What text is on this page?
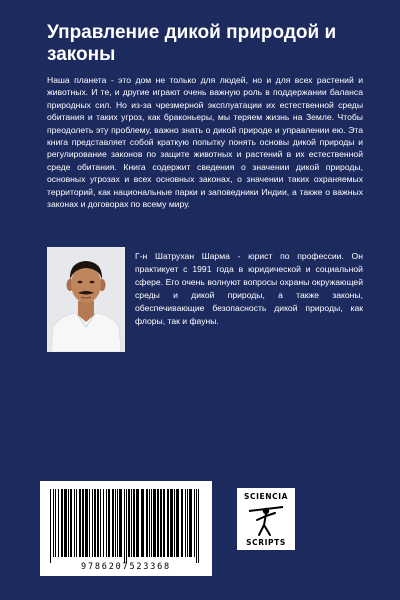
Управление дикой природой и законы

Наша планета - это дом не только для людей, но и для всех растений и животных. И те, и другие играют очень важную роль в поддержании баланса природных сил. Но из-за чрезмерной эксплуатации их естественной среды обитания и таких угроз, как браконьеры, мы теряем жизнь на Земле. Чтобы преодолеть эту проблему, важно знать о дикой природе и управлении ею. Эта книга представляет собой краткую попытку понять основы дикой природы и регулирование законов по защите животных и растений в их естественной среде обитания. Книга содержит сведения о значении дикой природы, основных угрозах и всех основных законах, о значении таких охраняемых территорий, как национальные парки и заповедники Индии, а также о важных законах и договорах по всему миру.

Г-н Шатрухан Шарма - юрист по профессии. Он практикует с 1991 года в юридической и социальной сфере. Его очень волнуют вопросы охраны окружающей среды и дикой природы, а также законы, обеспечивающие безопасность дикой природы, как флоры, так и фауны.

9786207523368
SCIENCIA
SCRIPTS
